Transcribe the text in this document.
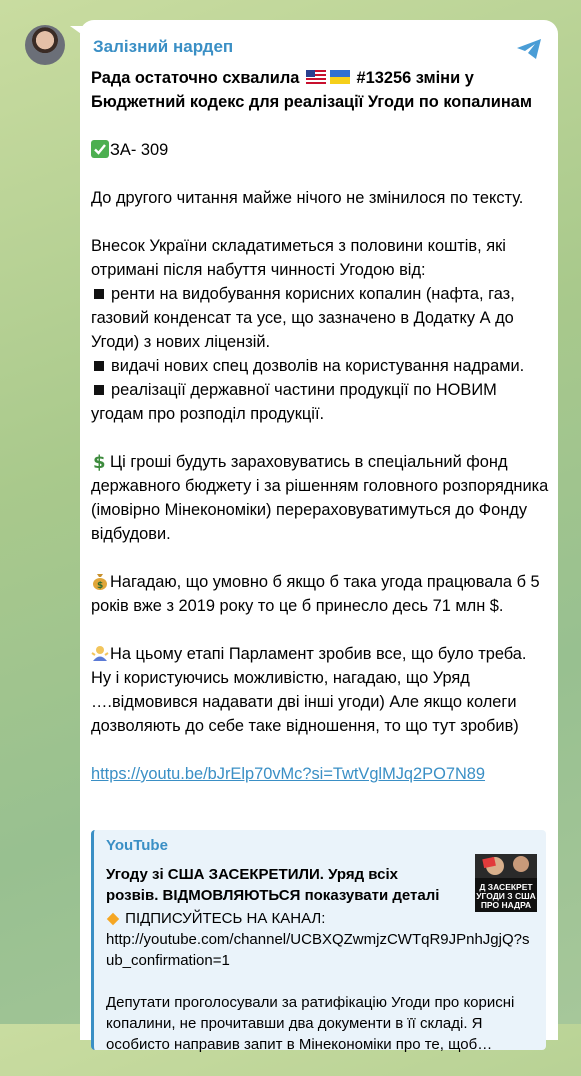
Залізний нардеп

Рада остаточно схвалила	#13256 зміни у Бюджетний кодекс для реалізації Угоди по копалинам

ЗА- 309

До другого читання майже нічого не змінилося по тексту.

Внесок України складатиметься з половини коштів, які отримані після набуття чинності Угодою від:
ренти на видобування корисних копалин (нафта, газ, газовий конденсат та усе, що зазначено в Додатку А до Угоди) з нових ліцензій.
видачі нових спец дозволів на користування надрами.
реалізації державної частини продукції по НОВИМ угодам про розподіл продукції.

$ Ці гроші будуть зараховуватись в спеціальний фонд державного бюджету і за рішенням головного розпорядника (імовірно Мінекономіки) перераховуватимуться до Фонду відбудови.

$ Нагадаю, що умовно б якщо б така угода працювала б 5 років вже з 2019 року то це б принесло десь 71 млн $.

На цьому етапі Парламент зробив все, що було треба. Ну і користуючись можливістю, нагадаю, що Уряд ….відмовився надавати дві інші угоди) Але якщо колеги дозволяють до себе таке відношення, то що тут зробив)

https://youtu.be/bJrElp70vMc?si=TwtVglMJq2PO7N89

YouTube
Угоду зі США ЗАСЕКРЕТИЛИ. Уряд всіх розвів. ВІДМОВЛЯЮТЬСЯ показувати деталі

ПІДПИСУЙТЕСЬ НА КАНАЛ:
http://youtube.com/channel/UCBXQZwmjzCWTqR9JPnhJgjQ?sub_confirmation=1

Депутати проголосували за ратифікацію Угоди про корисні копалини, не прочитавши два документи в її складі. Я особисто направив запит в Мінекономіки про те, щоб…

Д ЗАСЕКРЕТ
УГОДИ З США
ПРО НАДРА
